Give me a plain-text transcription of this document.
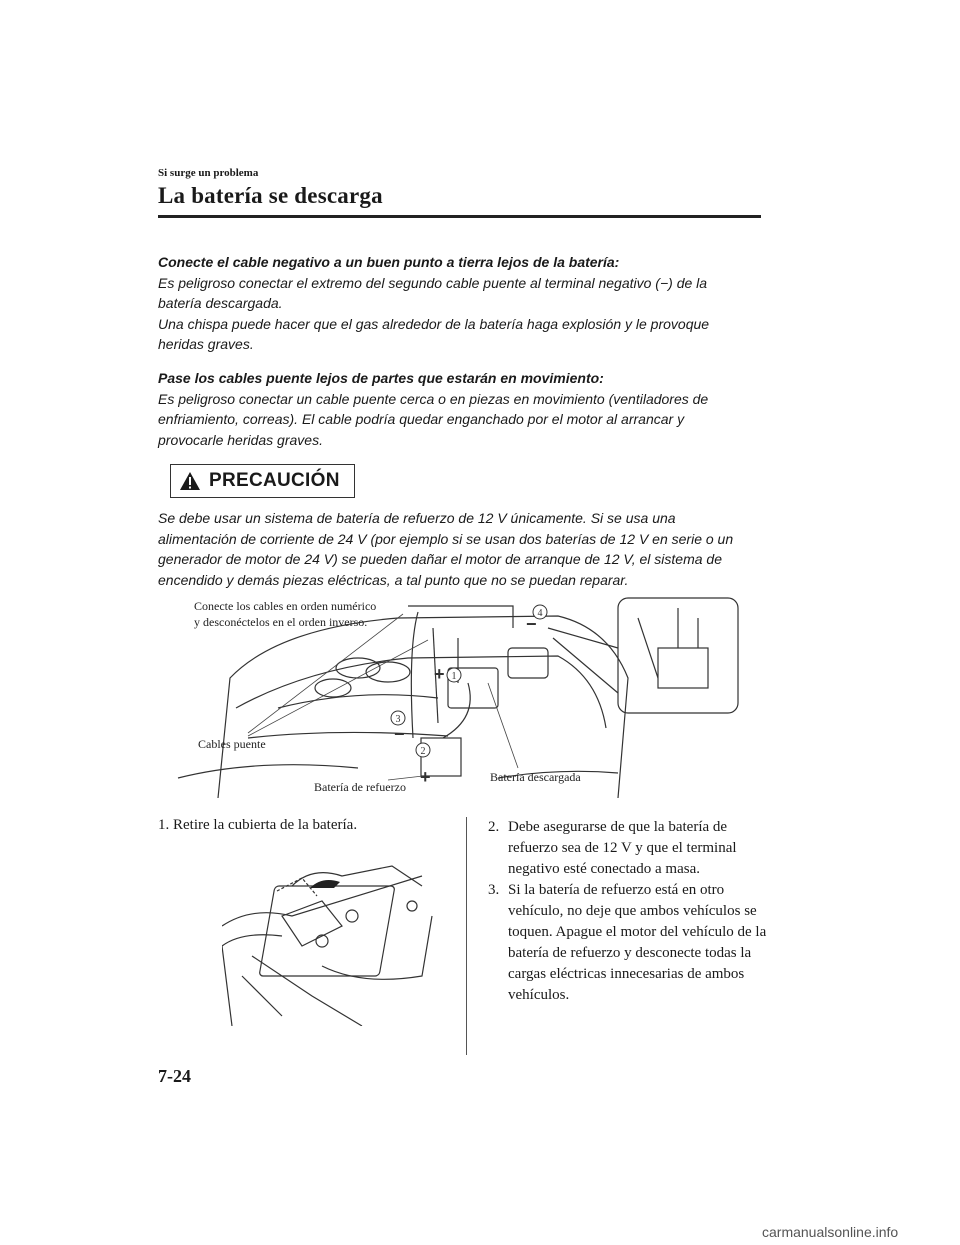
Si surge un problema
La batería se descarga
Conecte el cable negativo a un buen punto a tierra lejos de la batería:
Es peligroso conectar el extremo del segundo cable puente al terminal negativo (−) de la
batería descargada.
Una chispa puede hacer que el gas alrededor de la batería haga explosión y le provoque
heridas graves.
Pase los cables puente lejos de partes que estarán en movimiento:
Es peligroso conectar un cable puente cerca o en piezas en movimiento (ventiladores de
enfriamiento, correas). El cable podría quedar enganchado por el motor al arrancar y
provocarle heridas graves.
PRECAUCIÓN
Se debe usar un sistema de batería de refuerzo de 12 V únicamente. Si se usa una
alimentación de corriente de 24 V (por ejemplo si se usan dos baterías de 12 V en serie o un
generador de motor de 24 V) se pueden dañar el motor de arranque de 12 V, el sistema de
encendido y demás piezas eléctricas, a tal punto que no se puedan reparar.
1
2
3
4
+
+
−
−
Conecte los cables en orden numérico
y desconéctelos en el orden inverso.
Cables puente
Batería de refuerzo
Batería descargada
1. Retire la cubierta de la batería.	2. Debe asegurarse de que la batería de refuerzo sea de 12 V y que el terminal negativo esté conectado a masa.
3. Si la batería de refuerzo está en otro vehículo, no deje que ambos vehículos se toquen. Apague el motor del vehículo de la batería de refuerzo y desconecte todas la cargas eléctricas innecesarias de ambos vehículos.
7-24
carmanualsonline.info
